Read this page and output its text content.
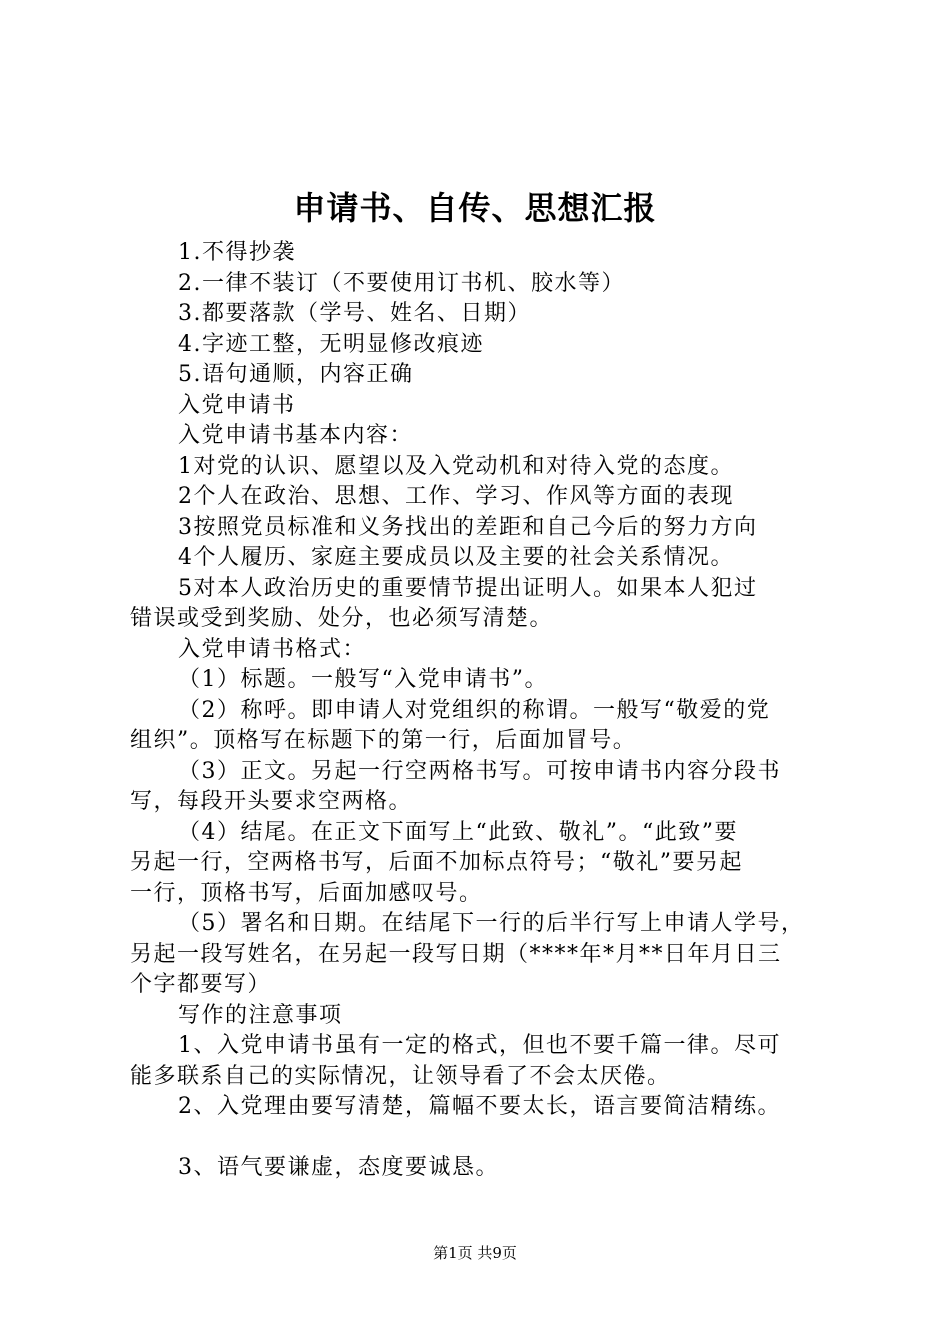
申请书、自传、思想汇报
1.不得抄袭
2.一律不装订（不要使用订书机、胶水等）
3.都要落款（学号、姓名、日期）
4.字迹工整，无明显修改痕迹
5.语句通顺，内容正确
入党申请书
入党申请书基本内容：
1对党的认识、愿望以及入党动机和对待入党的态度。
2个人在政治、思想、工作、学习、作风等方面的表现
3按照党员标准和义务找出的差距和自己今后的努力方向
4个人履历、家庭主要成员以及主要的社会关系情况。
5对本人政治历史的重要情节提出证明人。如果本人犯过
错误或受到奖励、处分，也必须写清楚。
入党申请书格式：
（1）标题。一般写“入党申请书”。
（2）称呼。即申请人对党组织的称谓。一般写“敬爱的党
组织”。顶格写在标题下的第一行，后面加冒号。
（3）正文。另起一行空两格书写。可按申请书内容分段书
写，每段开头要求空两格。
（4）结尾。在正文下面写上“此致、敬礼”。“此致”要
另起一行，空两格书写，后面不加标点符号；“敬礼”要另起
一行，顶格书写，后面加感叹号。
（5）署名和日期。在结尾下一行的后半行写上申请人学号，
另起一段写姓名，在另起一段写日期（****年*月**日年月日三
个字都要写）
写作的注意事项
1、入党申请书虽有一定的格式，但也不要千篇一律。尽可
能多联系自己的实际情况，让领导看了不会太厌倦。
2、入党理由要写清楚，篇幅不要太长，语言要简洁精练。
3、语气要谦虚，态度要诚恳。
第1页 共9页
